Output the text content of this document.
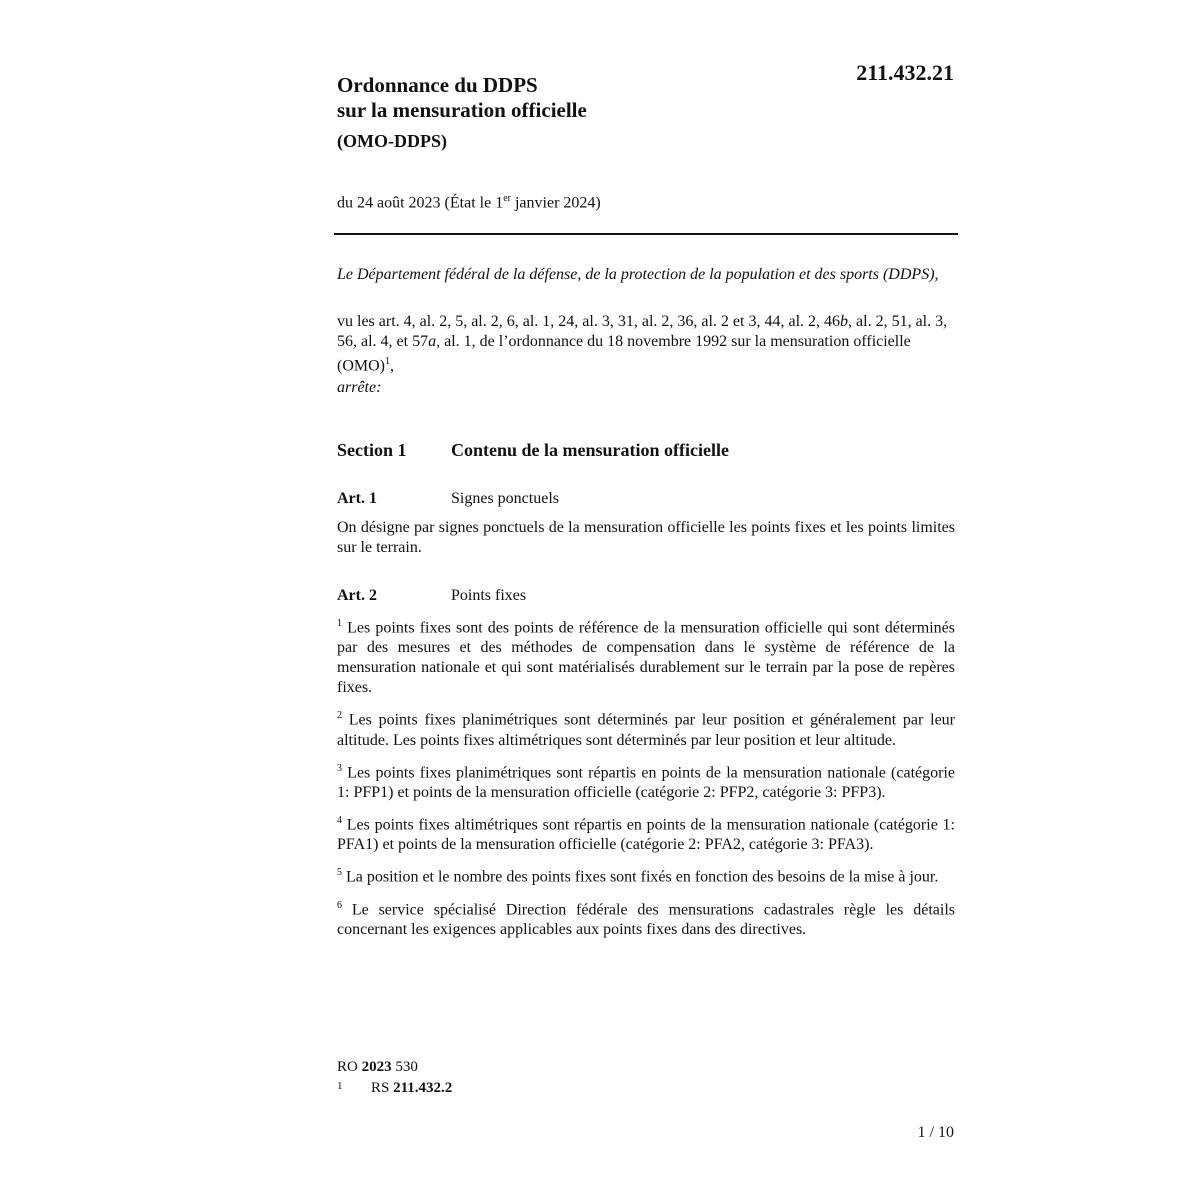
211.432.21
Ordonnance du DDPS
sur la mensuration officielle
(OMO-DDPS)
du 24 août 2023 (État le 1er janvier 2024)
Le Département fédéral de la défense, de la protection de la population et des sports (DDPS),
vu les art. 4, al. 2, 5, al. 2, 6, al. 1, 24, al. 3, 31, al. 2, 36, al. 2 et 3, 44, al. 2, 46b, al. 2, 51, al. 3, 56, al. 4, et 57a, al. 1, de l’ordonnance du 18 novembre 1992 sur la mensuration officielle (OMO)$^1$,
arrête:
Section 1 Contenu de la mensuration officielle
Art. 1	Signes ponctuels
On désigne par signes ponctuels de la mensuration officielle les points fixes et les points limites sur le terrain.
Art. 2	Points fixes

$^1$ Les points fixes sont des points de référence de la mensuration officielle qui sont déterminés par des mesures et des méthodes de compensation dans le système de référence de la mensuration nationale et qui sont matérialisés durablement sur le terrain par la pose de repères fixes.

$^2$ Les points fixes planimétriques sont déterminés par leur position et généralement par leur altitude. Les points fixes altimétriques sont déterminés par leur position et leur altitude.

$^3$ Les points fixes planimétriques sont répartis en points de la mensuration nationale (catégorie 1: PFP1) et points de la mensuration officielle (catégorie 2: PFP2, catégorie 3: PFP3).

$^4$ Les points fixes altimétriques sont répartis en points de la mensuration nationale (catégorie 1: PFA1) et points de la mensuration officielle (catégorie 2: PFA2, catégorie 3: PFA3).

$^5$ La position et le nombre des points fixes sont fixés en fonction des besoins de la mise à jour.

$^6$ Le service spécialisé Direction fédérale des mensurations cadastrales règle les détails concernant les exigences applicables aux points fixes dans des directives.

RO 2023 530
1 RS 211.432.2
1 / 10
